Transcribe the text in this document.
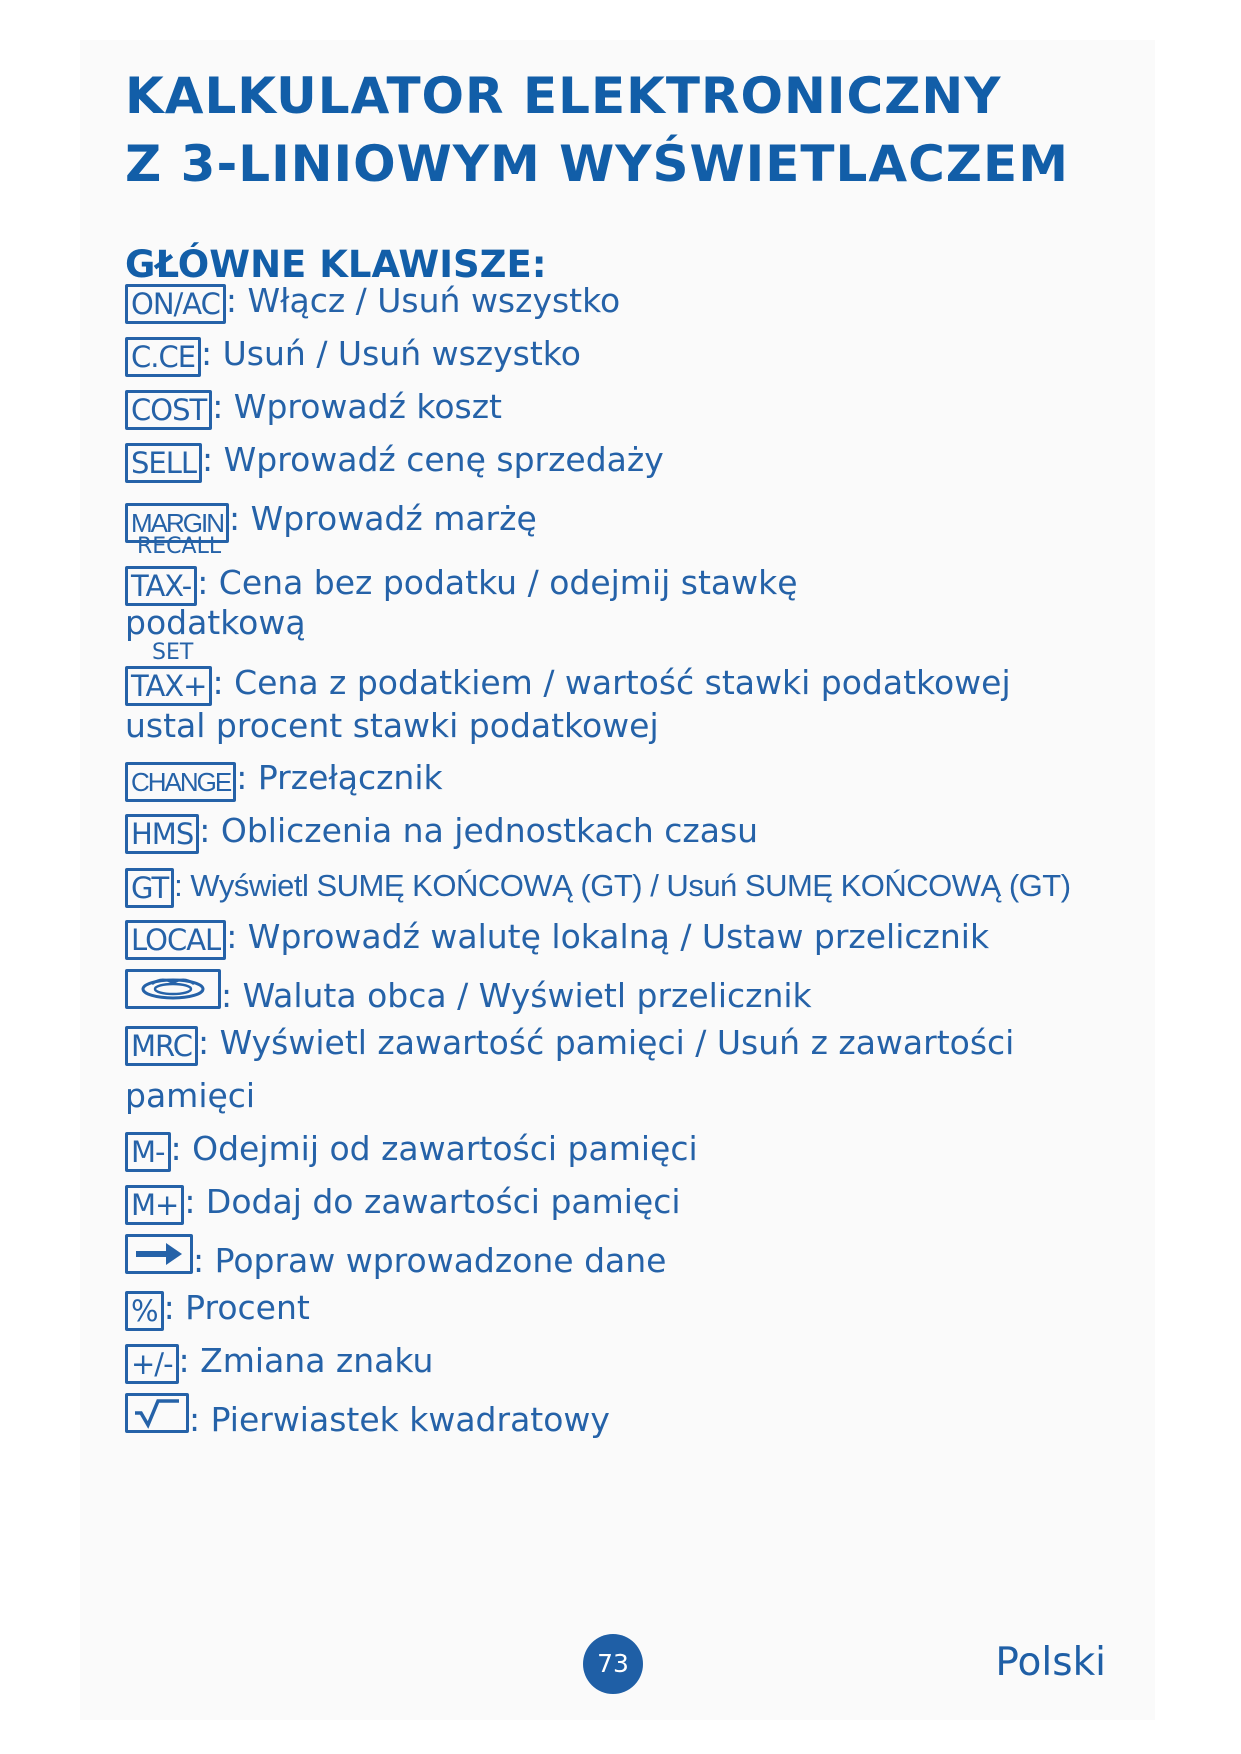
KALKULATOR ELEKTRONICZNY
Z 3-LINIOWYM WYŚWIETLACZEM
GŁÓWNE KLAWISZE:
ON/AC : Włącz / Usuń wszystko
C.CE : Usuń / Usuń wszystko
COST : Wprowadź koszt
SELL : Wprowadź cenę sprzedaży
MARGIN : Wprowadź marżę
RECALL
TAX- : Cena bez podatku / odejmij stawkę
podatkową
SET
TAX+ : Cena z podatkiem / wartość stawki podatkowej
ustal procent stawki podatkowej
CHANGE : Przełącznik
HMS : Obliczenia na jednostkach czasu
GT : Wyświetl SUMĘ KOŃCOWĄ (GT) / Usuń SUMĘ KOŃCOWĄ (GT)
LOCAL : Wprowadź walutę lokalną / Ustaw przelicznik
: Waluta obca / Wyświetl przelicznik
MRC : Wyświetl zawartość pamięci / Usuń z zawartości
pamięci
M- : Odejmij od zawartości pamięci
M+ : Dodaj do zawartości pamięci
: Popraw wprowadzone dane
% : Procent
+/- : Zmiana znaku
: Pierwiastek kwadratowy
73	Polski
